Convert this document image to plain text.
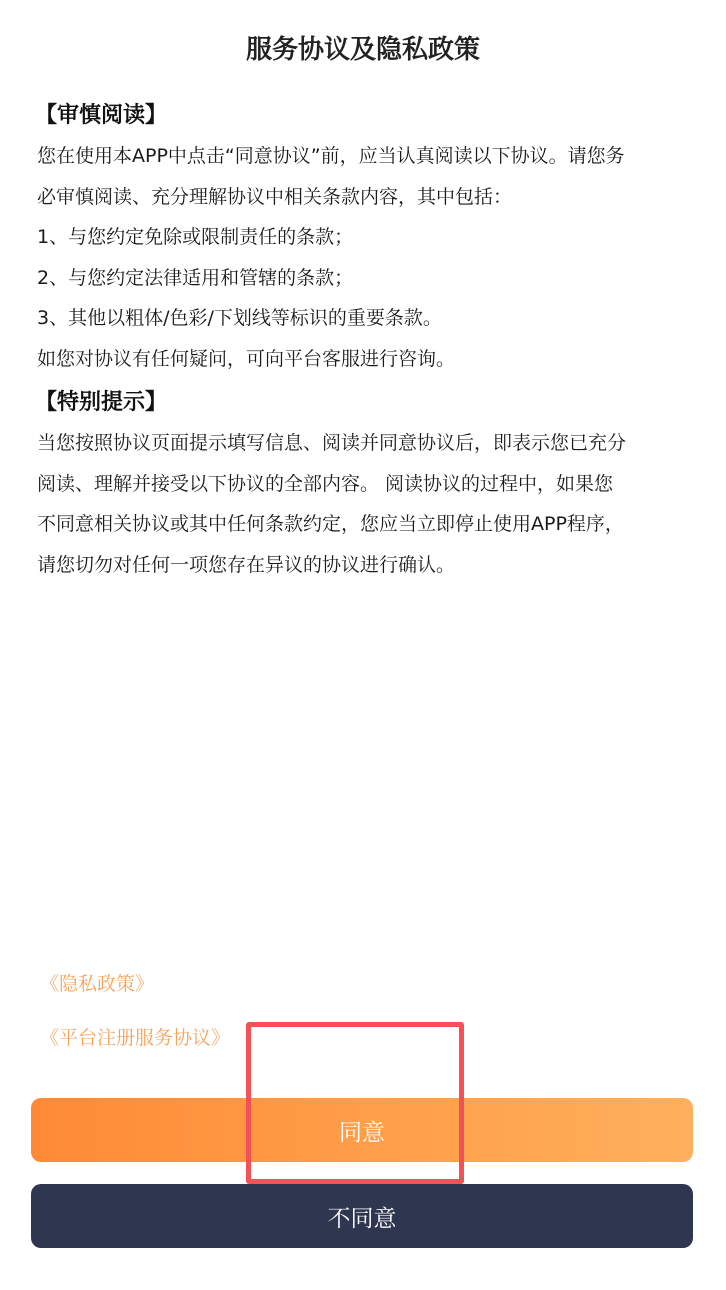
服务协议及隐私政策
【审慎阅读】
您在使用本APP中点击“同意协议”前，应当认真阅读以下协议。请您务
必审慎阅读、充分理解协议中相关条款内容，其中包括：
1、与您约定免除或限制责任的条款；
2、与您约定法律适用和管辖的条款；
3、其他以粗体/色彩/下划线等标识的重要条款。
如您对协议有任何疑问，可向平台客服进行咨询。
【特别提示】
当您按照协议页面提示填写信息、阅读并同意协议后，即表示您已充分
阅读、理解并接受以下协议的全部内容。 阅读协议的过程中，如果您
不同意相关协议或其中任何条款约定，您应当立即停止使用APP程序，
请您切勿对任何一项您存在异议的协议进行确认。
《隐私政策》
《平台注册服务协议》
同意
不同意
